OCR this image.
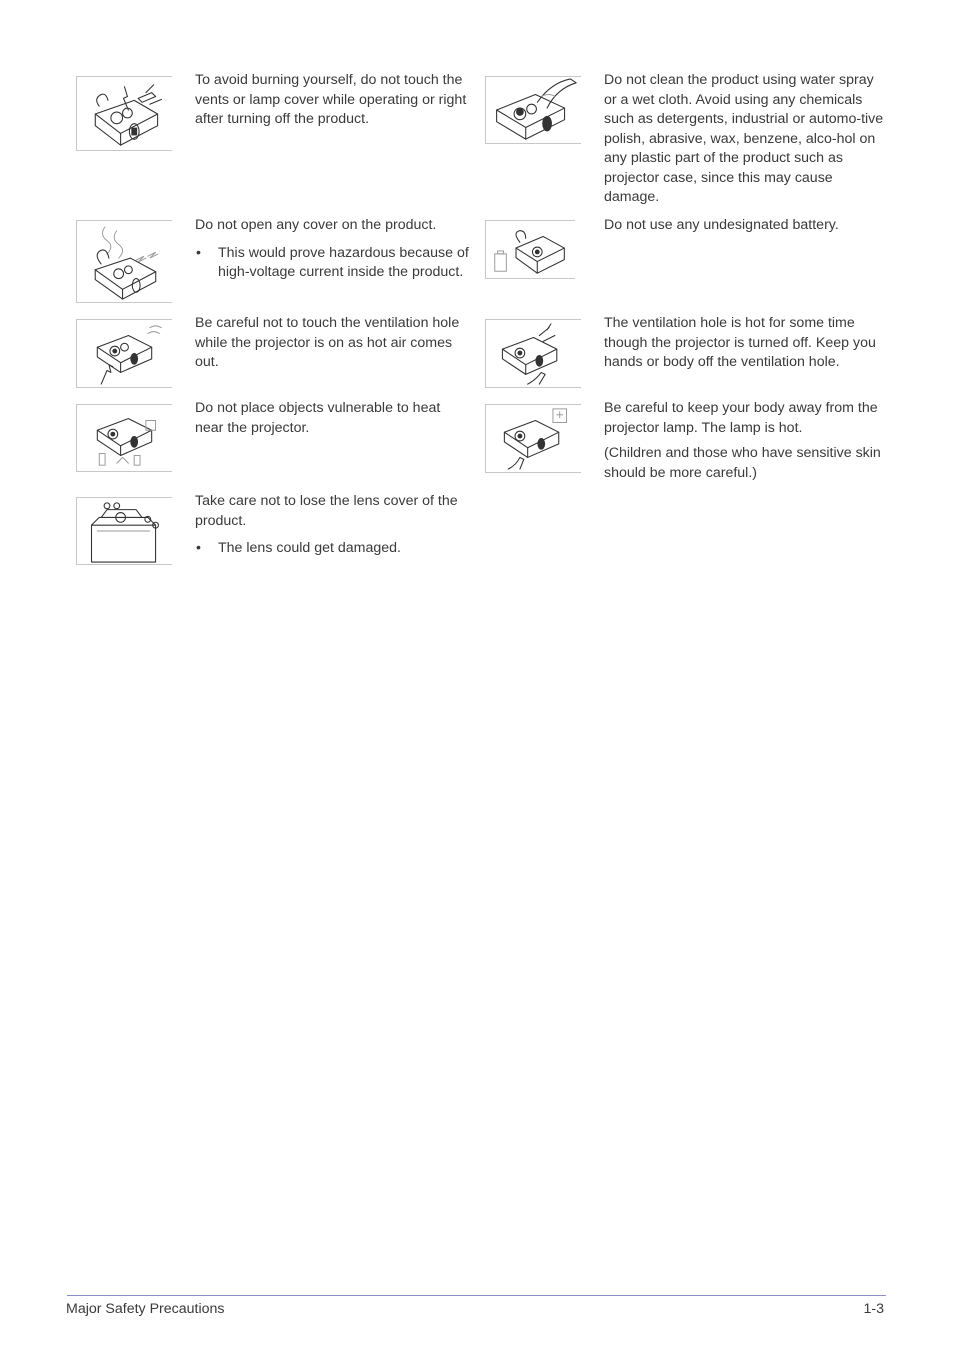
To avoid burning yourself, do not touch the vents or lamp cover while operating or right after turning off the product.

Do not clean the product using water spray or a wet cloth. Avoid using any chemicals such as detergents, industrial or automo-tive polish, abrasive, wax, benzene, alco-hol on any plastic part of the product such as projector case, since this may cause damage.

Do not open any cover on the product.

• This would prove hazardous because of high-voltage current inside the product.

Do not use any undesignated battery.

Be careful not to touch the ventilation hole while the projector is on as hot air comes out.

The ventilation hole is hot for some time though the projector is turned off. Keep you hands or body off the ventilation hole.

Do not place objects vulnerable to heat near the projector.

Be careful to keep your body away from the projector lamp. The lamp is hot.

(Children and those who have sensitive skin should be more careful.)

Take care not to lose the lens cover of the product.

• The lens could get damaged.
Major Safety Precautions	1-3
